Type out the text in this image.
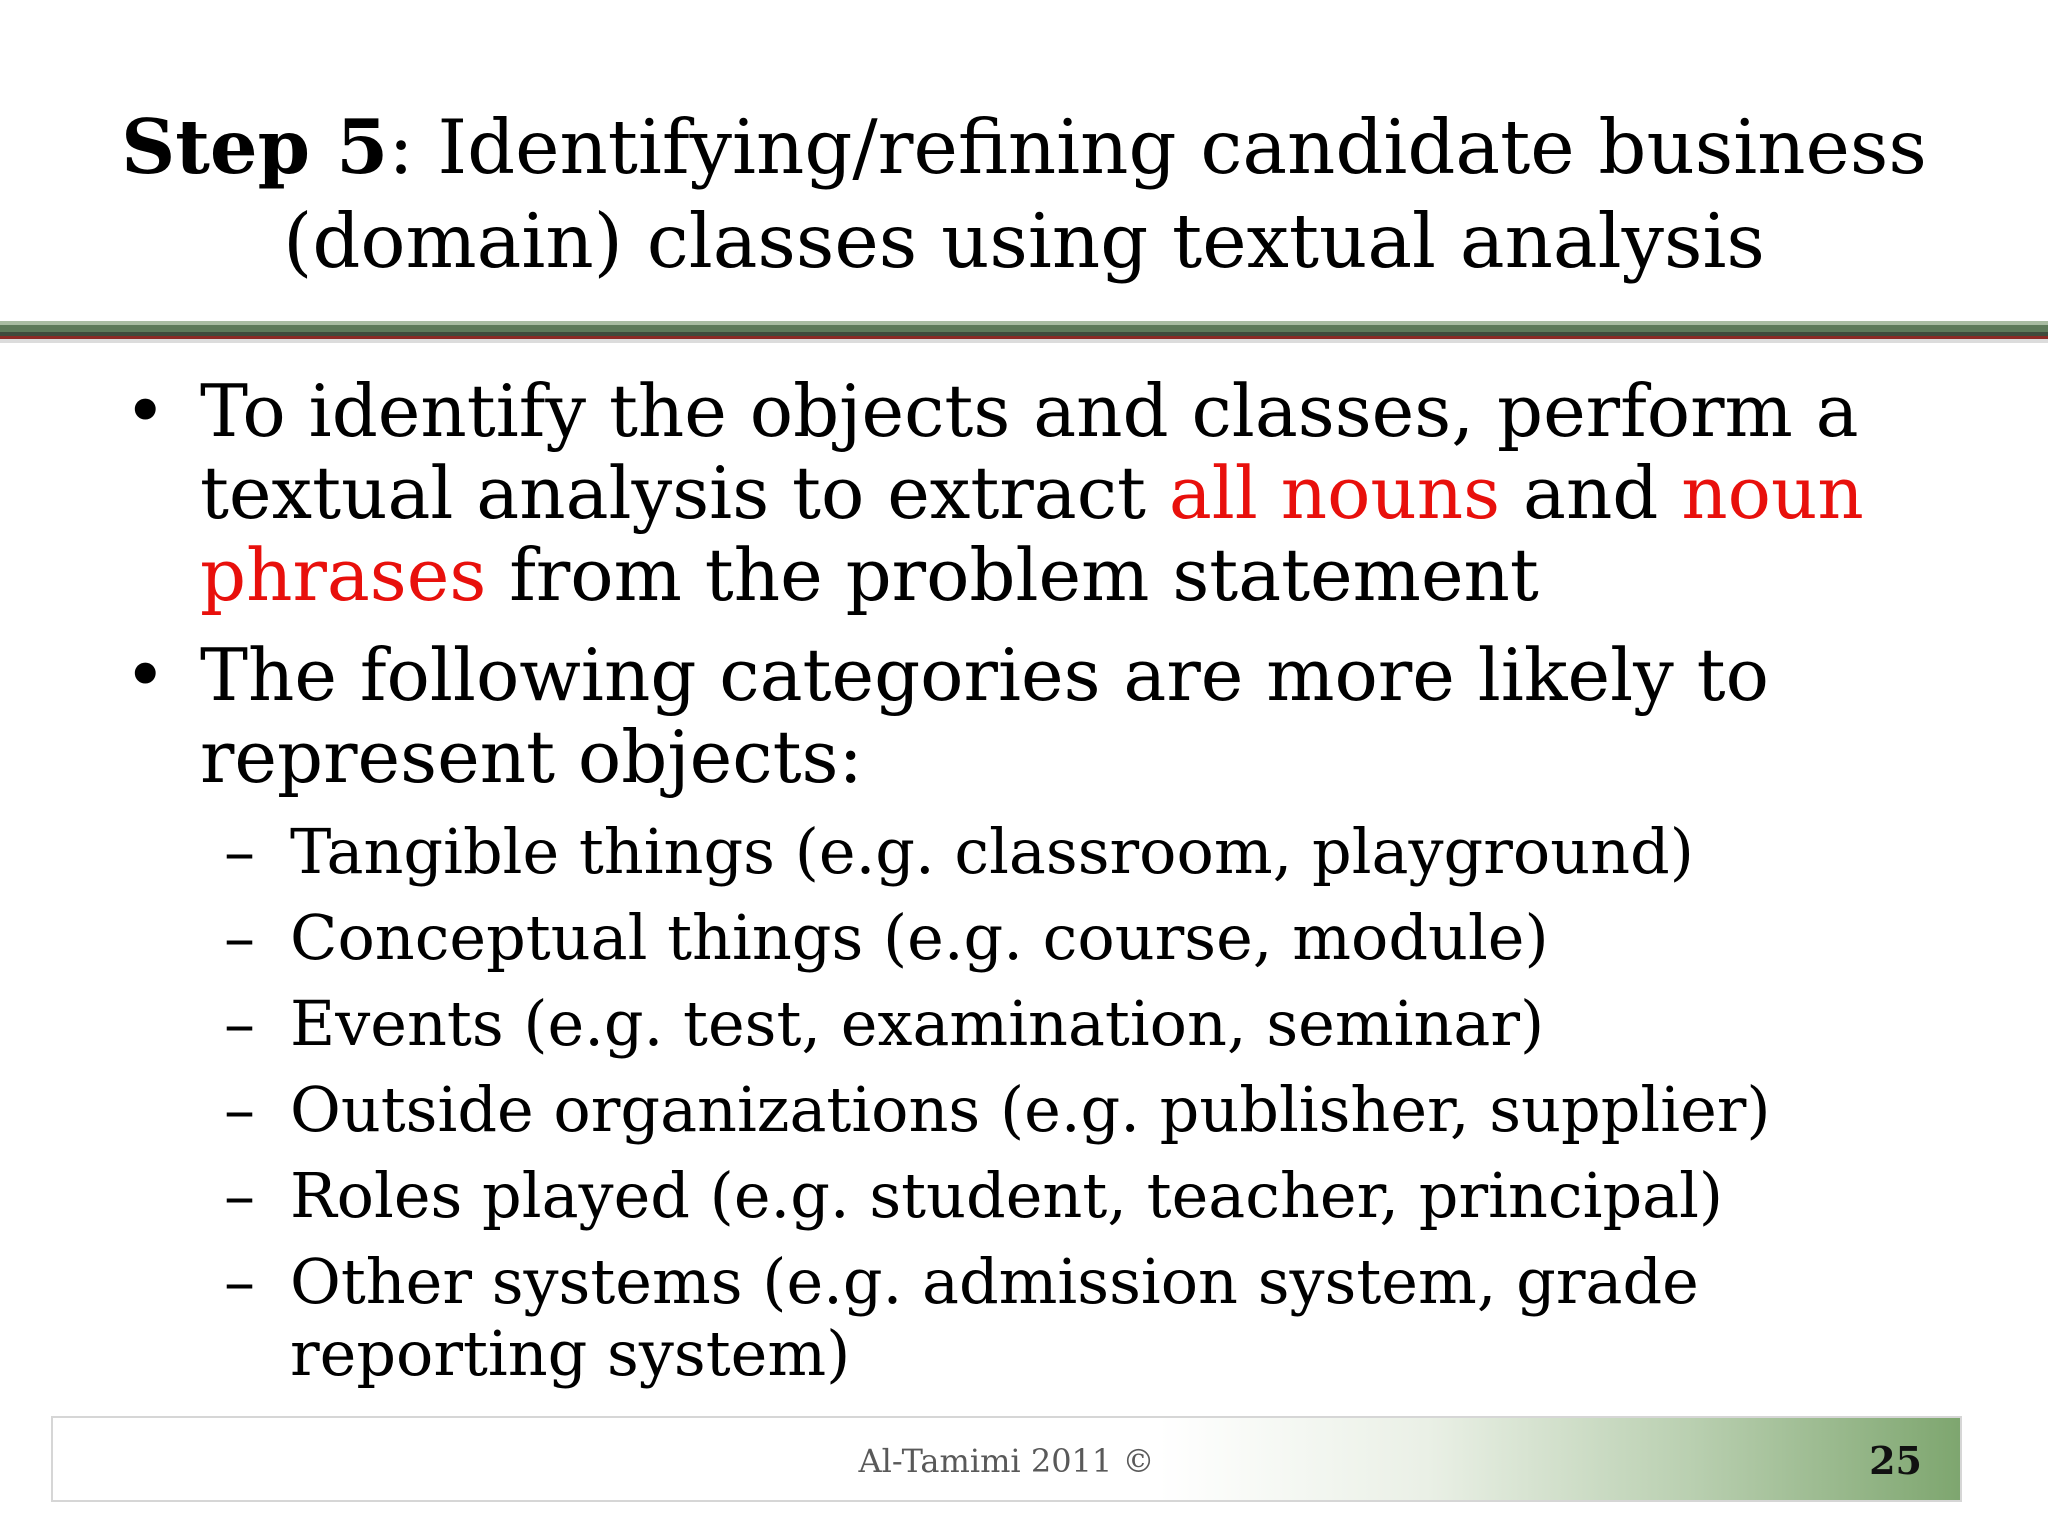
Step 5: Identifying/refining candidate business
(domain) classes using textual analysis
• To identify the objects and classes, perform a textual analysis to extract all nouns and noun phrases from the problem statement
• The following categories are more likely to represent objects:
– Tangible things (e.g. classroom, playground)
– Conceptual things (e.g. course, module)
– Events (e.g. test, examination, seminar)
– Outside organizations (e.g. publisher, supplier)
– Roles played (e.g. student, teacher, principal)
– Other systems (e.g. admission system, grade reporting system)
Al-Tamimi 2011 ©	25
